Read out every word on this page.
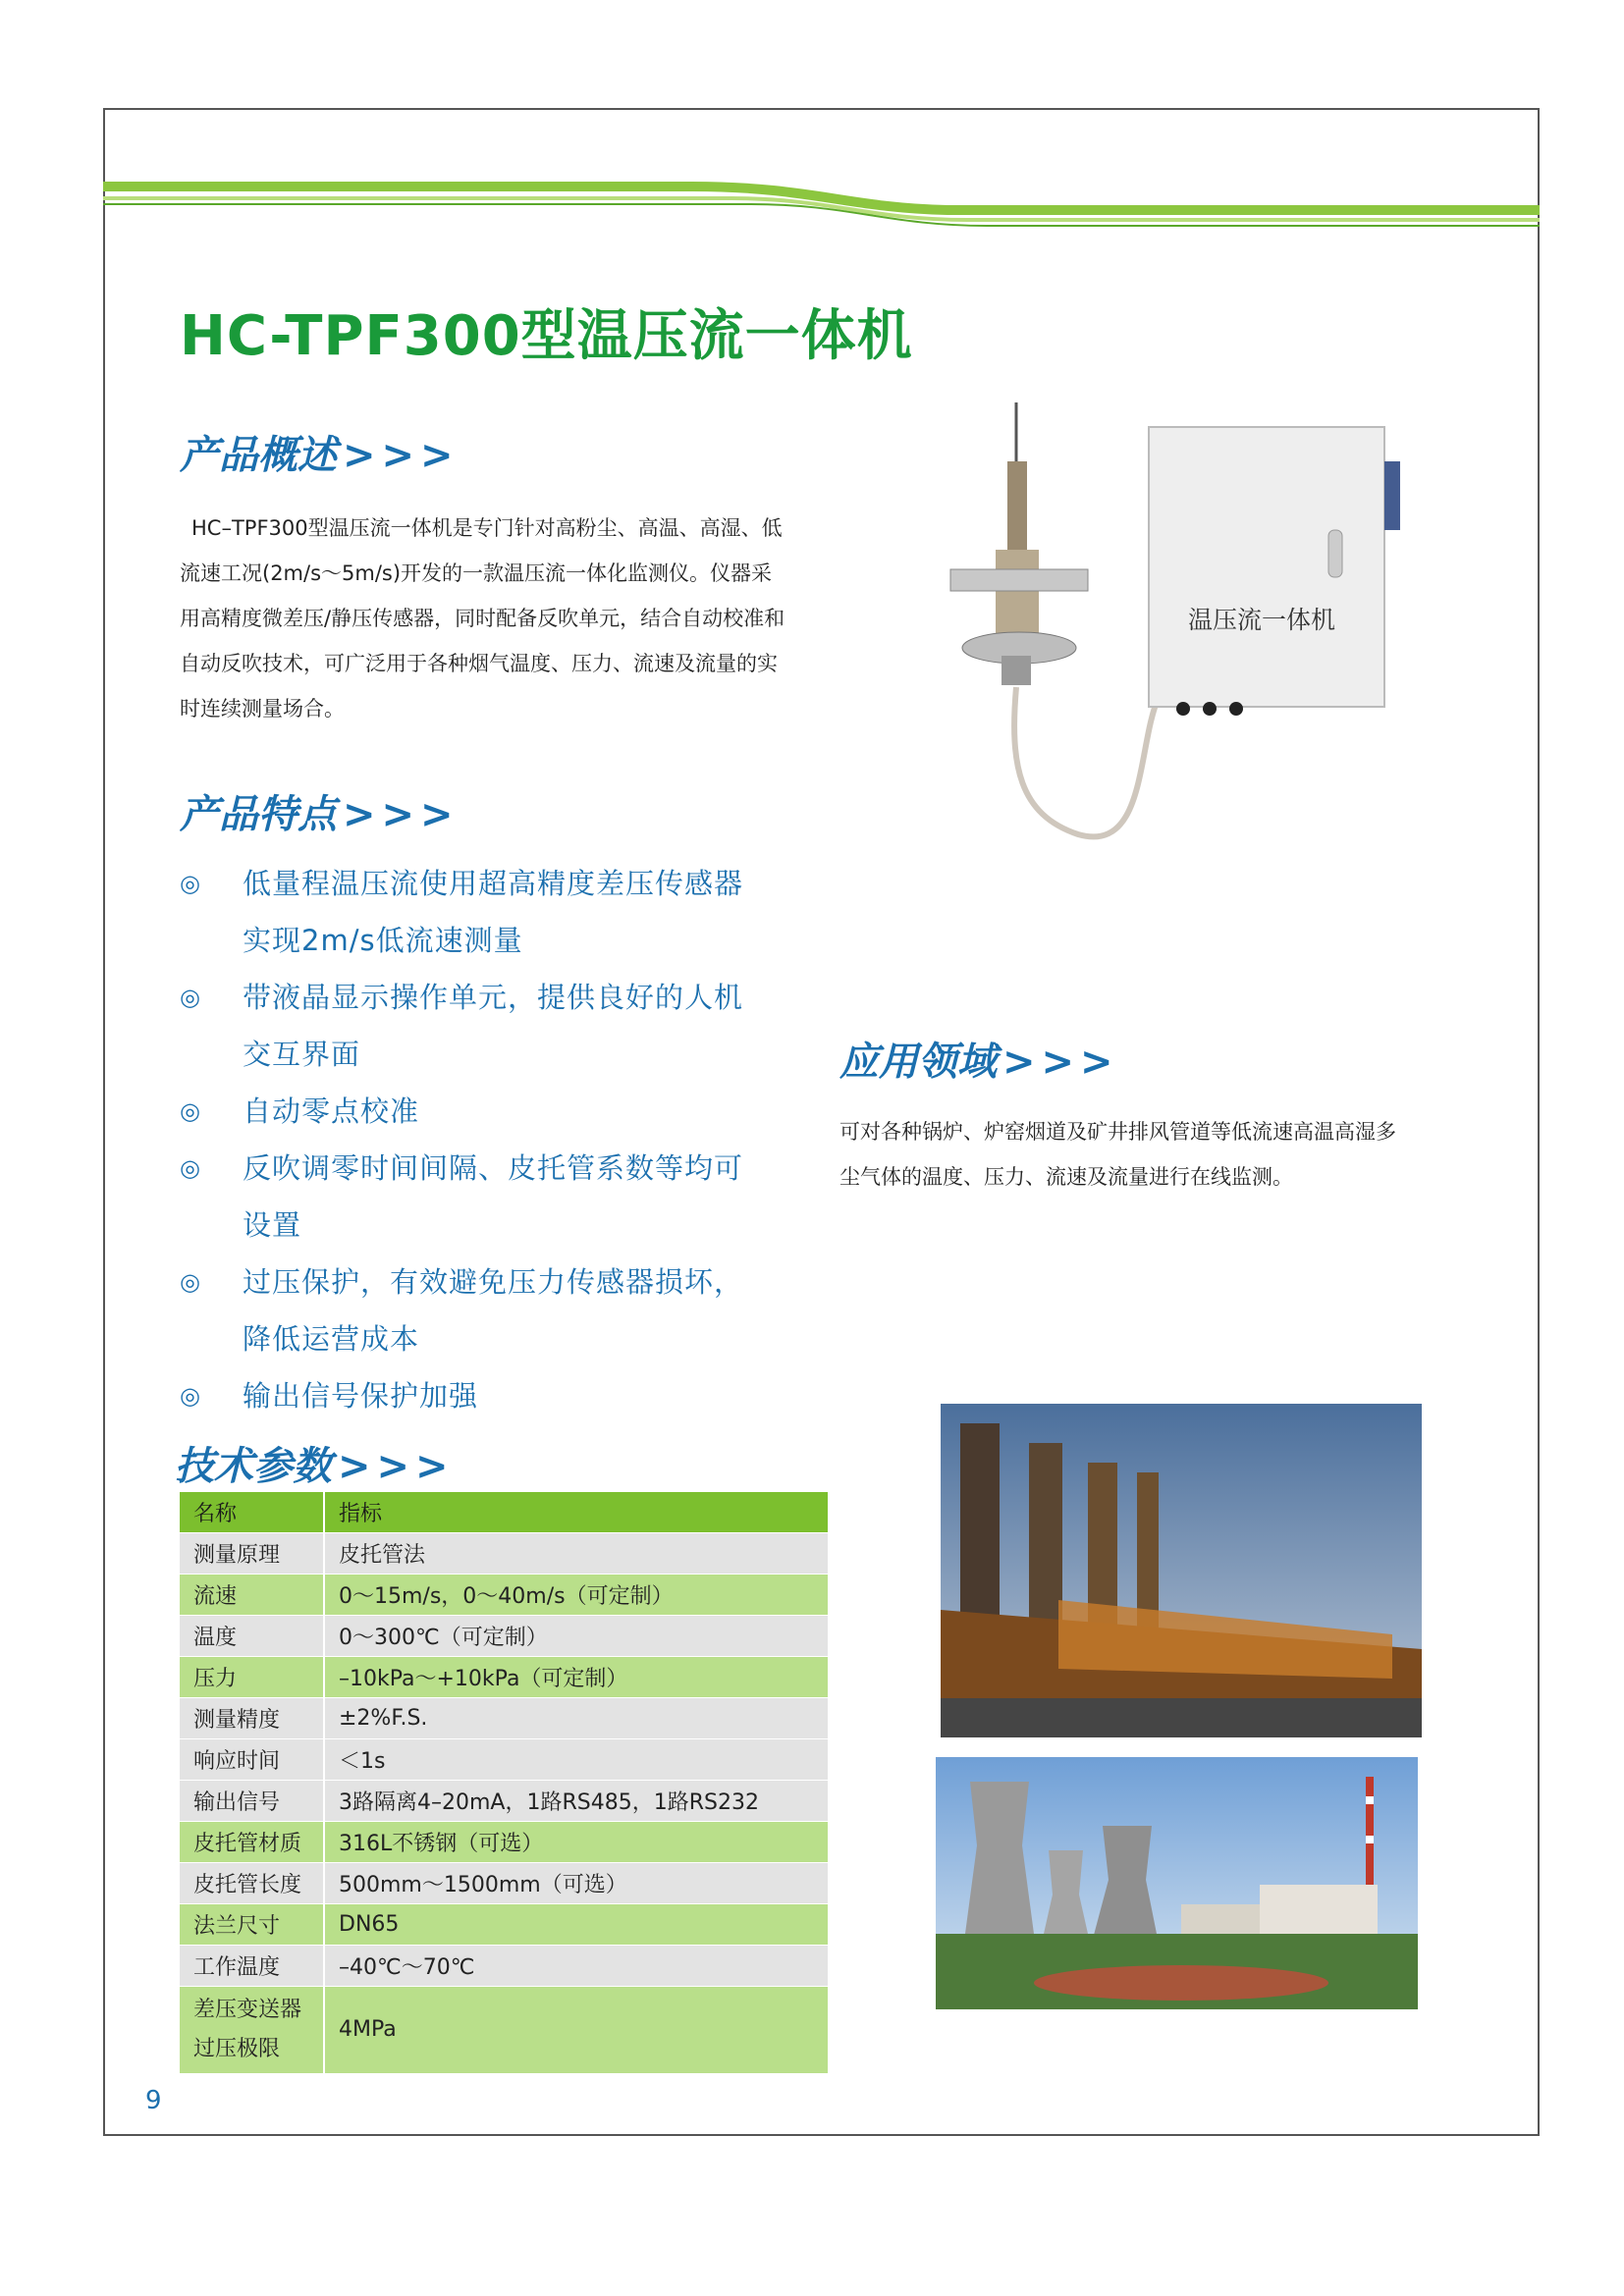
HC-TPF300型温压流一体机
产品概述 >>>
HC–TPF300型温压流一体机是专门针对高粉尘、高温、高湿、低流速工况(2m/s～5m/s)开发的一款温压流一体化监测仪。仪器采用高精度微差压/静压传感器，同时配备反吹单元，结合自动校准和自动反吹技术，可广泛用于各种烟气温度、压力、流速及流量的实时连续测量场合。
温压流一体机
产品特点 >>>
◎ 低量程温压流使用超高精度差压传感器
实现2m/s低流速测量
◎ 带液晶显示操作单元，提供良好的人机
交互界面
◎ 自动零点校准
◎ 反吹调零时间间隔、皮托管系数等均可
设置
◎ 过压保护，有效避免压力传感器损坏，
降低运营成本
◎ 输出信号保护加强
应用领域 >>>
可对各种锅炉、炉窑烟道及矿井排风管道等低流速高温高湿多
尘气体的温度、压力、流速及流量进行在线监测。
技术参数 >>>
名称	指标
测量原理	皮托管法
流速	0～15m/s，0～40m/s（可定制）
温度	0～300℃（可定制）
压力	–10kPa～+10kPa（可定制）
测量精度	±2%F.S.
响应时间	＜1s
输出信号	3路隔离4–20mA，1路RS485，1路RS232
皮托管材质	316L不锈钢（可选）
皮托管长度	500mm～1500mm（可选）
法兰尺寸	DN65
工作温度	–40℃～70℃

差压变送器
过压极限	4MPa
9
